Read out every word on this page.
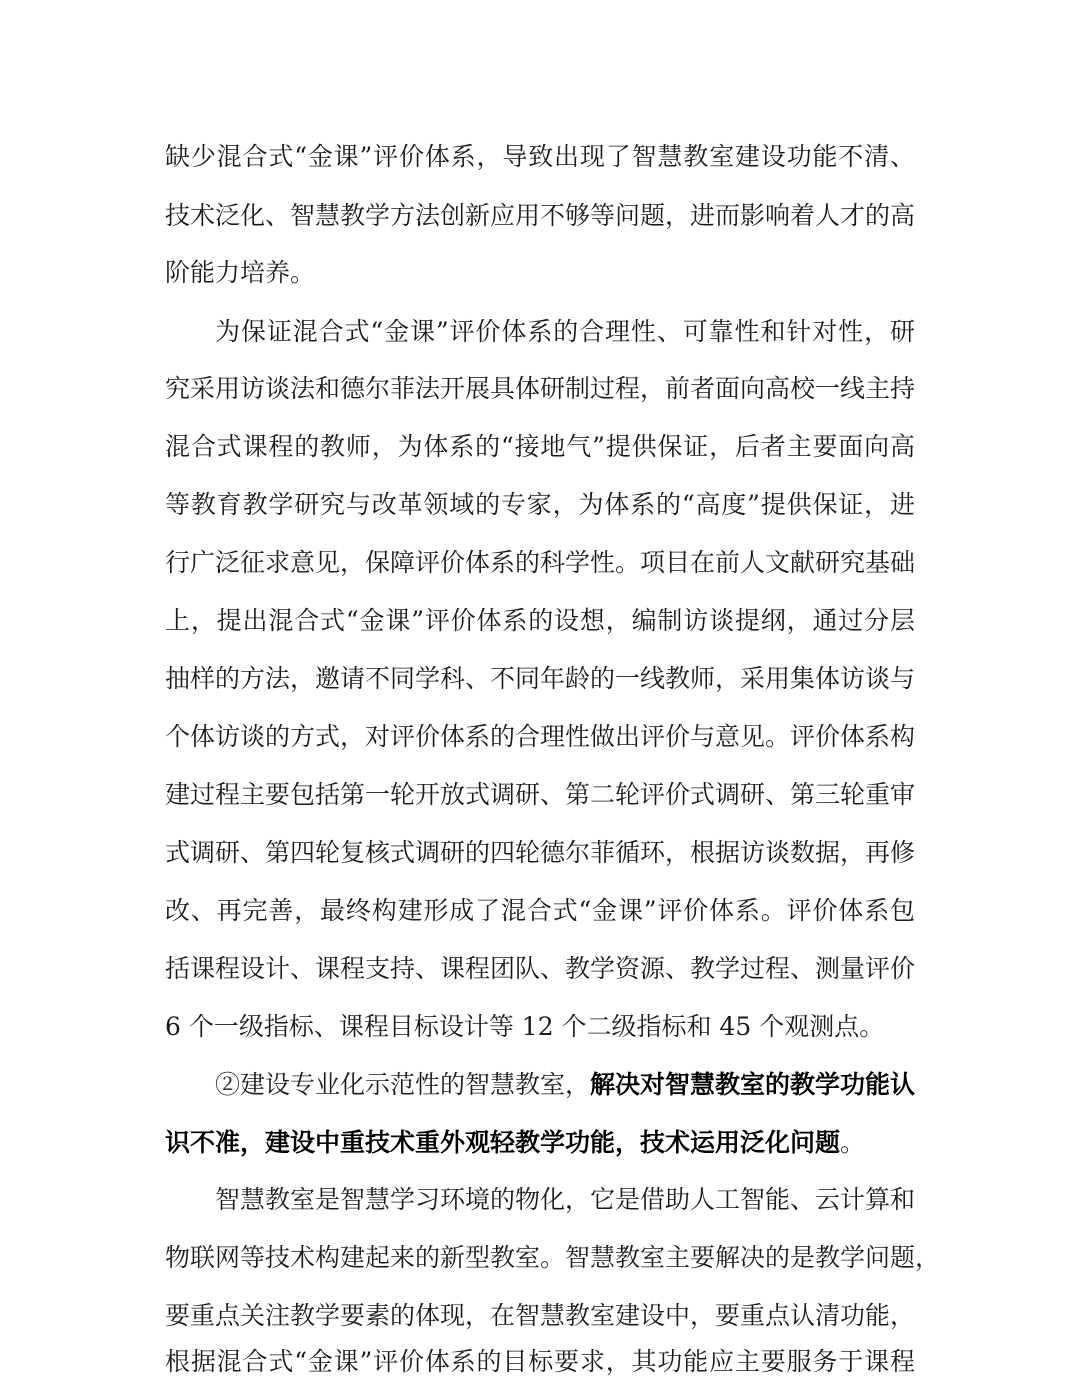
缺少混合式“金课”评价体系，导致出现了智慧教室建设功能不清、
技术泛化、智慧教学方法创新应用不够等问题，进而影响着人才的高
阶能力培养。
为保证混合式“金课”评价体系的合理性、可靠性和针对性，研
究采用访谈法和德尔菲法开展具体研制过程，前者面向高校一线主持
混合式课程的教师，为体系的“接地气”提供保证，后者主要面向高
等教育教学研究与改革领域的专家，为体系的“高度”提供保证，进
行广泛征求意见，保障评价体系的科学性。项目在前人文献研究基础
上，提出混合式“金课”评价体系的设想，编制访谈提纲，通过分层
抽样的方法，邀请不同学科、不同年龄的一线教师，采用集体访谈与
个体访谈的方式，对评价体系的合理性做出评价与意见。评价体系构
建过程主要包括第一轮开放式调研、第二轮评价式调研、第三轮重审
式调研、第四轮复核式调研的四轮德尔菲循环，根据访谈数据，再修
改、再完善，最终构建形成了混合式“金课”评价体系。评价体系包
括课程设计、课程支持、课程团队、教学资源、教学过程、测量评价
6 个一级指标、课程目标设计等 12 个二级指标和 45 个观测点。
②建设专业化示范性的智慧教室，解决对智慧教室的教学功能认
识不准，建设中重技术重外观轻教学功能，技术运用泛化问题。
智慧教室是智慧学习环境的物化，它是借助人工智能、云计算和
物联网等技术构建起来的新型教室。智慧教室主要解决的是教学问题，
要重点关注教学要素的体现，在智慧教室建设中，要重点认清功能，
根据混合式“金课”评价体系的目标要求，其功能应主要服务于课程
